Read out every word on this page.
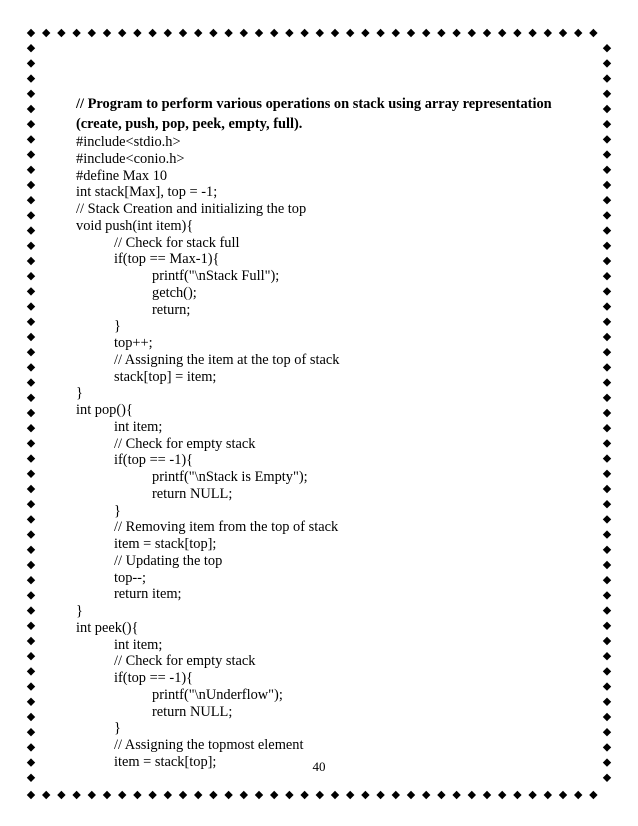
// Program to perform various operations on stack using array representation
(create, push, pop, peek, empty, full).
#include<stdio.h>
#include<conio.h>
#define Max 10
int stack[Max], top = -1;
// Stack Creation and initializing the top
void push(int item){
// Check for stack full
if(top == Max-1){
printf("\nStack Full");
getch();
return;
}
top++;
// Assigning the item at the top of stack
stack[top] = item;
}
int pop(){
int item;
// Check for empty stack
if(top == -1){
printf("\nStack is Empty");
return NULL;
}
// Removing item from the top of stack
item = stack[top];
// Updating the top
top--;
return item;
}
int peek(){
int item;
// Check for empty stack
if(top == -1){
printf("\nUnderflow");
return NULL;
}
// Assigning the topmost element
item = stack[top];	40
